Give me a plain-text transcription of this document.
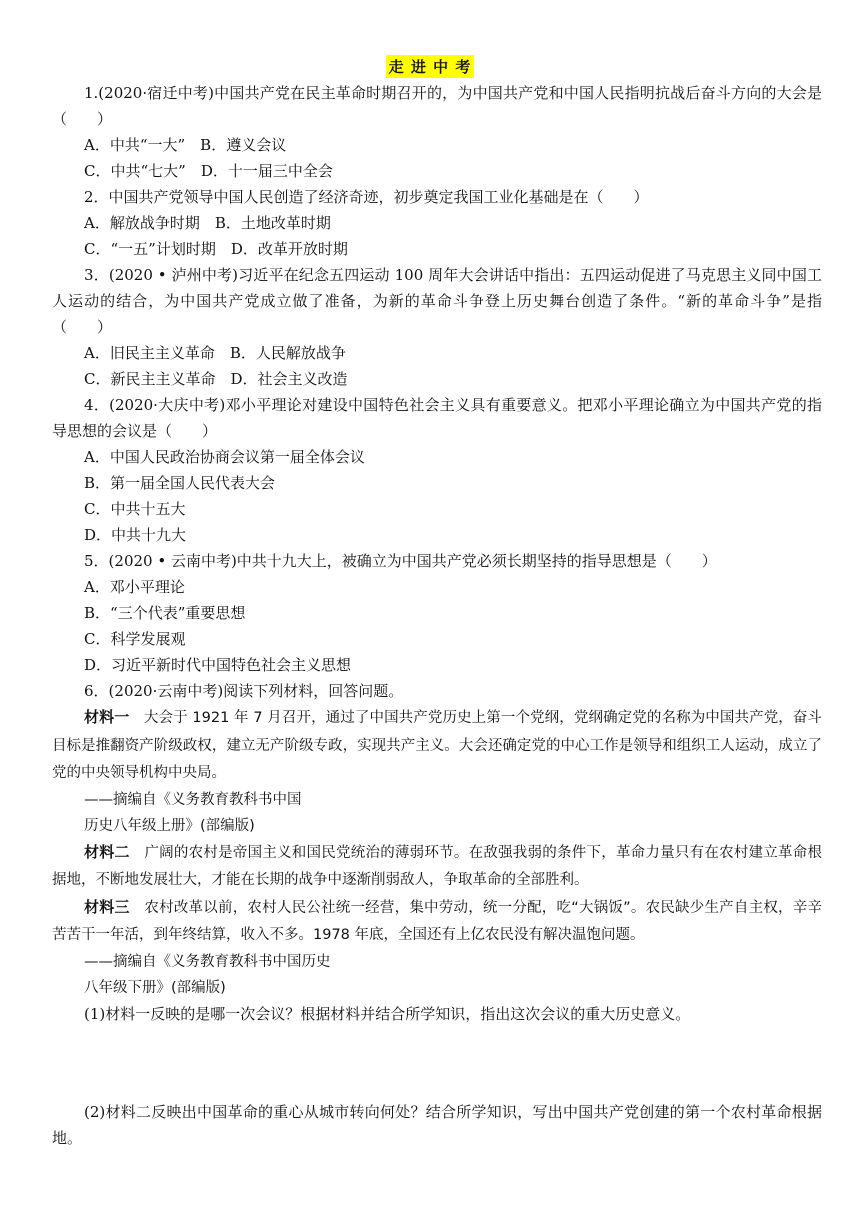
走 进 中 考

1.(2020·宿迁中考)中国共产党在民主革命时期召开的，为中国共产党和中国人民指明抗战后奋斗方向的大会是（　　）

A．中共“一大”　B．遵义会议

C．中共“七大”　D．十一届三中全会

2．中国共产党领导中国人民创造了经济奇迹，初步奠定我国工业化基础是在（　　）

A．解放战争时期　B．土地改革时期

C．“一五”计划时期　D．改革开放时期

3．(2020 • 泸州中考)习近平在纪念五四运动 100 周年大会讲话中指出：五四运动促进了马克思主义同中国工人运动的结合，为中国共产党成立做了准备，为新的革命斗争登上历史舞台创造了条件。“新的革命斗争”是指（　　）

A．旧民主主义革命　B．人民解放战争

C．新民主主义革命　D．社会主义改造

4．(2020·大庆中考)邓小平理论对建设中国特色社会主义具有重要意义。把邓小平理论确立为中国共产党的指导思想的会议是（　　）

A．中国人民政治协商会议第一届全体会议

B．第一届全国人民代表大会

C．中共十五大

D．中共十九大

5．(2020 • 云南中考)中共十九大上，被确立为中国共产党必须长期坚持的指导思想是（　　）

A．邓小平理论

B．“三个代表”重要思想

C．科学发展观

D．习近平新时代中国特色社会主义思想

6．(2020·云南中考)阅读下列材料，回答问题。

材料一　大会于 1921 年 7 月召开，通过了中国共产党历史上第一个党纲，党纲确定党的名称为中国共产党，奋斗目标是推翻资产阶级政权，建立无产阶级专政，实现共产主义。大会还确定党的中心工作是领导和组织工人运动，成立了党的中央领导机构中央局。

——摘编自《义务教育教科书中国

历史八年级上册》(部编版)

材料二　广阔的农村是帝国主义和国民党统治的薄弱环节。在敌强我弱的条件下，革命力量只有在农村建立革命根据地，不断地发展壮大，才能在长期的战争中逐渐削弱敌人，争取革命的全部胜利。

材料三　农村改革以前，农村人民公社统一经营，集中劳动，统一分配，吃“大锅饭”。农民缺少生产自主权，辛辛苦苦干一年活，到年终结算，收入不多。1978 年底，全国还有上亿农民没有解决温饱问题。

——摘编自《义务教育教科书中国历史

八年级下册》(部编版)

(1)材料一反映的是哪一次会议？根据材料并结合所学知识，指出这次会议的重大历史意义。

(2)材料二反映出中国革命的重心从城市转向何处？结合所学知识，写出中国共产党创建的第一个农村革命根据地。
